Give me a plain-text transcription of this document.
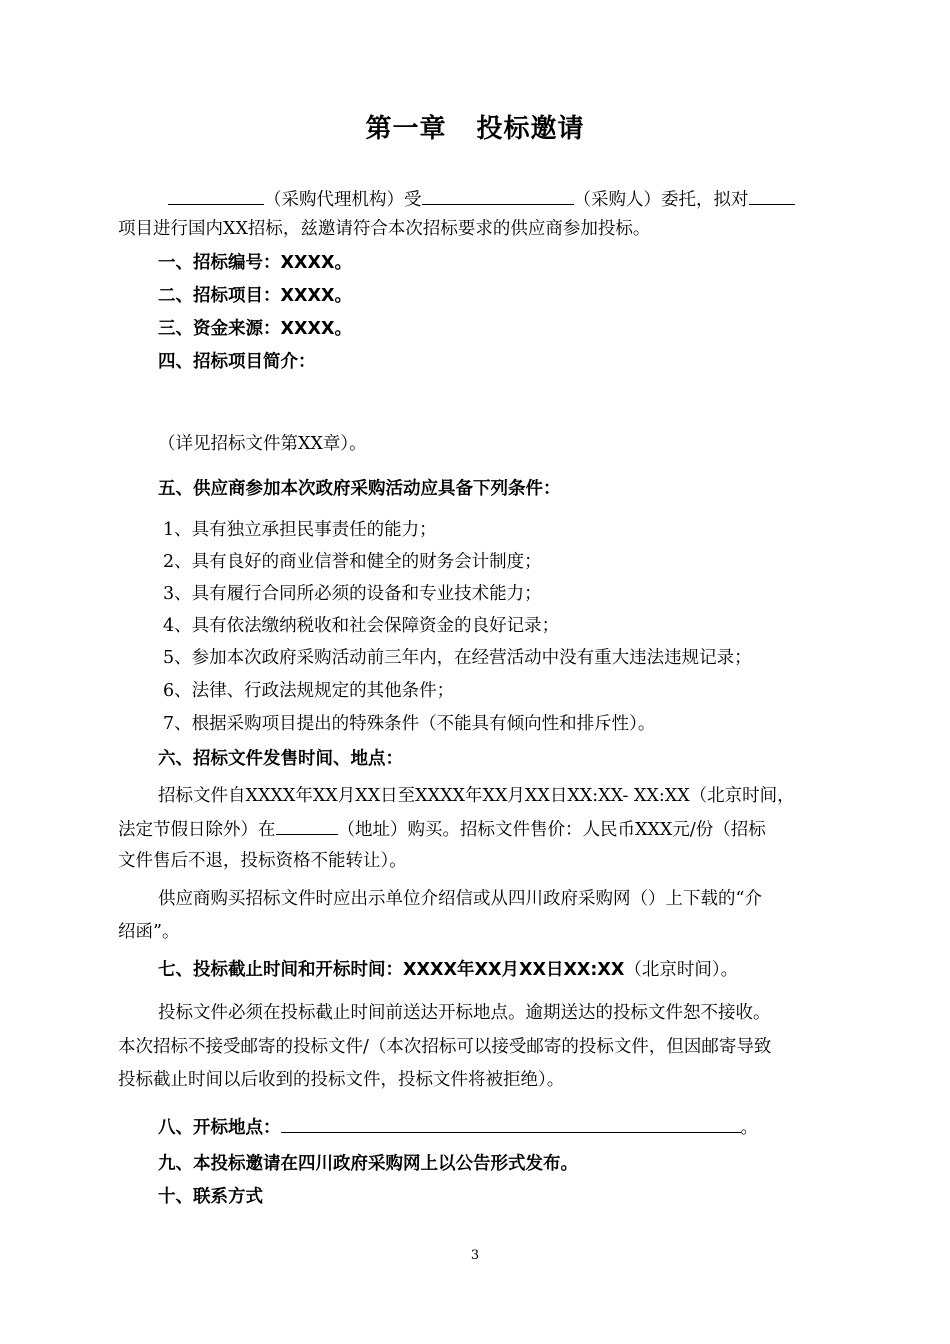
第一章 投标邀请
（采购代理机构）受	（采购人）委托，拟对
项目进行国内XX招标，兹邀请符合本次招标要求的供应商参加投标。
一、招标编号：XXXX。
二、招标项目：XXXX。
三、资金来源：XXXX。
四、招标项目简介：
（详见招标文件第XX章）。
五、供应商参加本次政府采购活动应具备下列条件：
1、具有独立承担民事责任的能力；
2、具有良好的商业信誉和健全的财务会计制度；
3、具有履行合同所必须的设备和专业技术能力；
4、具有依法缴纳税收和社会保障资金的良好记录；
5、参加本次政府采购活动前三年内，在经营活动中没有重大违法违规记录；
6、法律、行政法规规定的其他条件；
7、根据采购项目提出的特殊条件（不能具有倾向性和排斥性）。
六、招标文件发售时间、地点：
招标文件自XXXX年XX月XX日至XXXX年XX月XX日XX:XX- XX:XX（北京时间，
法定节假日除外）在	（地址）购买。招标文件售价：人民币XXX元/份（招标
文件售后不退，投标资格不能转让）。
供应商购买招标文件时应出示单位介绍信或从四川政府采购网（）上下载的“介
绍函”。
七、投标截止时间和开标时间：XXXX年XX月XX日XX:XX（北京时间）。
投标文件必须在投标截止时间前送达开标地点。逾期送达的投标文件恕不接收。
本次招标不接受邮寄的投标文件/（本次招标可以接受邮寄的投标文件，但因邮寄导致
投标截止时间以后收到的投标文件，投标文件将被拒绝）。
八、开标地点：	。
九、本投标邀请在四川政府采购网上以公告形式发布。
十、联系方式
3
